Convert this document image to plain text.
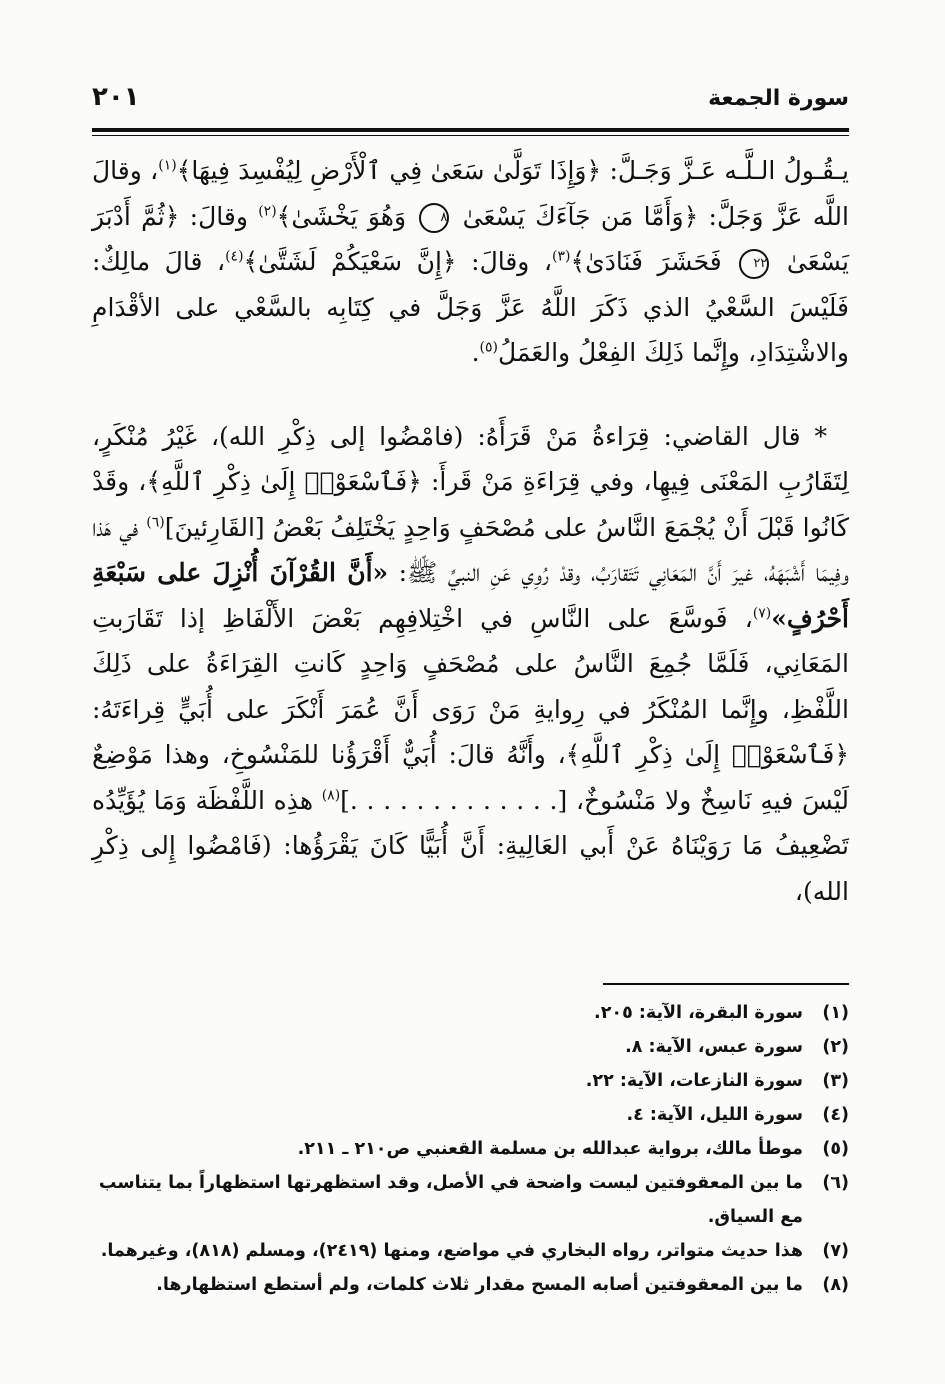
سورة الجمعة
٢٠١

يـقُـولُ الـلَّـه عَـزَّ وَجَـلَّ: ﴿وَإِذَا تَوَلَّىٰ سَعَىٰ فِي ٱلْأَرْضِ لِيُفْسِدَ فِيهَا﴾$^{(١)}$، وقالَ اللَّه عَزَّ وَجَلَّ: ﴿وَأَمَّا مَن جَآءَكَ يَسْعَىٰ ٨ وَهُوَ يَخْشَىٰ﴾$^{(٢)}$ وقالَ: ﴿ثُمَّ أَدْبَرَ يَسْعَىٰ ٢٢ فَحَشَرَ فَنَادَىٰ﴾$^{(٣)}$، وقالَ: ﴿إِنَّ سَعْيَكُمْ لَشَتَّىٰ﴾$^{(٤)}$، قالَ مالِكٌ: فَلَيْسَ السَّعْيُ الذي ذَكَرَ اللَّهُ عَزَّ وَجَلَّ في كِتَابِه بالسَّعْي على الأقْدَامِ والاشْتِدَادِ، وإِنَّما ذَلِكَ الفِعْلُ والعَمَلُ$^{(٥)}$.

* قال القاضي: قِرَاءةُ مَنْ قَرَأَهُ: (فامْضُوا إلى ذِكْرِ الله)، غَيْرُ مُنْكَرٍ، لِتَقَارُبِ المَعْنَى فِيهِا، وفي قِرَاءَةِ مَنْ قَرأَ: ﴿فَٱسْعَوْا۟ إِلَىٰ ذِكْرِ ٱللَّهِ﴾، وقَدْ كَانُوا قَبْلَ أَنْ يُجْمَعَ النَّاسُ على مُصْحَفٍ وَاحِدٍ يَخْتَلِفُ بَعْضُ [القَارِئينَ]$^{(٦)}$ في هَذا وفِيمَا أَشْبَهَهُ، غيرَ أَنَّ المَعَانِي تَتَقارَبُ، وقدْ رُوِي عَنِ النبيِّ ﷺ: «أَنَّ القُرْآنَ أُنْزِلَ على سَبْعَةِ أَحْرُفٍ»$^{(٧)}$، فَوسَّعَ على النَّاسِ في اخْتِلافِهِم بَعْضَ الأَلْفَاظِ إذا تَقَارَبتِ المَعَانِي، فَلَمَّا جُمِعَ النَّاسُ على مُصْحَفٍ وَاحِدٍ كَانتِ القِرَاءَةُ على ذَلِكَ اللَّفْظِ، وإِنَّما المُنْكَرُ في رِوايةِ مَنْ رَوَى أَنَّ عُمَرَ أَنْكَرَ على أُبَيٍّ قِراءَتَهُ: ﴿فَٱسْعَوْا۟ إِلَىٰ ذِكْرِ ٱللَّهِ﴾، وأَنَّهُ قالَ: أُبَيٌّ أَقْرَؤُنا للمَنْسُوخِ، وهذا مَوْضِعٌ لَيْسَ فيهِ نَاسِخٌ ولا مَنْسُوخٌ، [. . . . . . . . . . . . .]$^{(٨)}$ هذِه اللَّفْظَة وَمَا يُؤَيِّدُه تَضْعِيفُ مَا رَوَيْنَاهُ عَنْ أَبي العَالِيةِ: أَنَّ أُبَيًّا كَانَ يَقْرَؤُها: (فَامْضُوا إِلى ذِكْرِ الله)،

(١)
سورة البقرة، الآية: ٢٠٥.
(٢)
سورة عبس، الآية: ٨.
(٣)
سورة النازعات، الآية: ٢٢.
(٤)
سورة الليل، الآية: ٤.
(٥)
موطأ مالك، برواية عبدالله بن مسلمة القعنبي ص٢١٠ ـ ٢١١.
(٦)
ما بين المعقوفتين ليست واضحة في الأصل، وقد استظهرتها استظهاراً بما يتناسب مع السياق.
(٧)
هذا حديث متواتر، رواه البخاري في مواضع، ومنها (٢٤١٩)، ومسلم (٨١٨)، وغيرهما.
(٨)
ما بين المعقوفتين أصابه المسح مقدار ثلاث كلمات، ولم أستطع استظهارها.
